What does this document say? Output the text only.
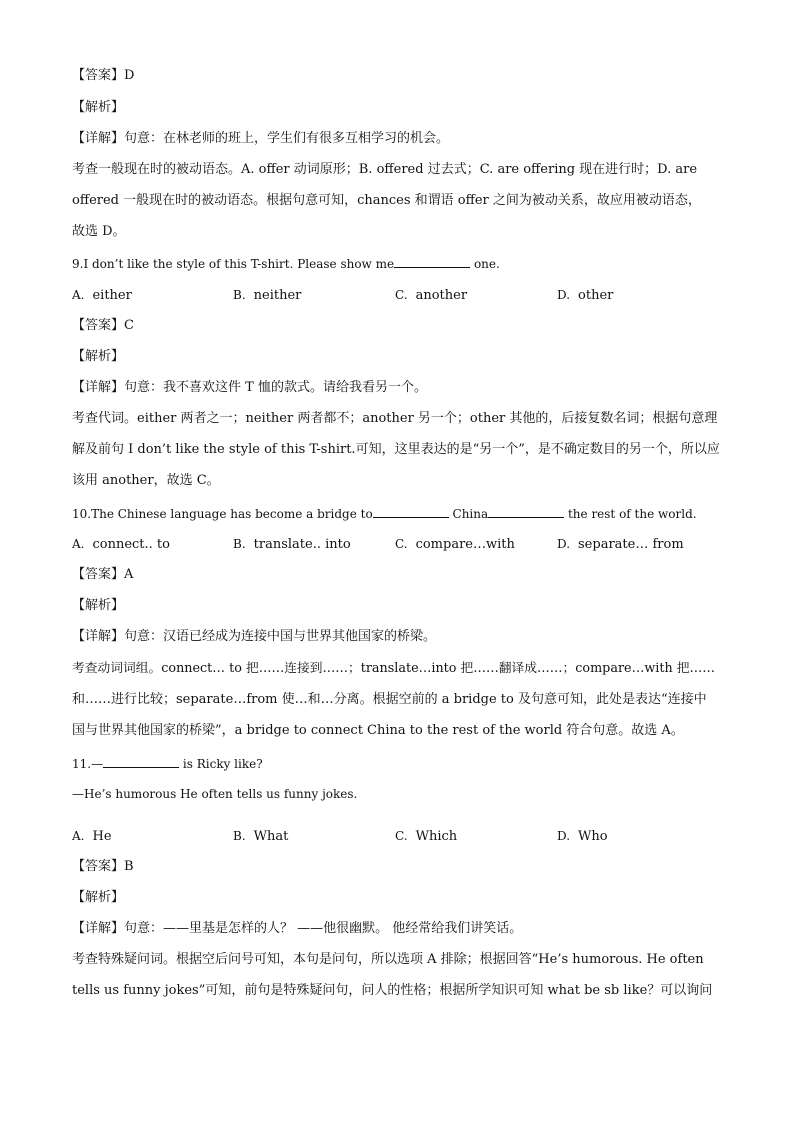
【答案】D
【解析】
【详解】句意：在林老师的班上，学生们有很多互相学习的机会。
考查一般现在时的被动语态。A. offer 动词原形；B. offered 过去式；C. are offering 现在进行时；D. are
offered 一般现在时的被动语态。根据句意可知，chances 和谓语 offer 之间为被动关系，故应用被动语态，
故选 D。
9.I don’t like the style of this T-shirt. Please show me	one.
A. either	B. neither	C. another	D. other
【答案】C
【解析】
【详解】句意：我不喜欢这件 T 恤的款式。请给我看另一个。
考查代词。either 两者之一；neither 两者都不；another 另一个；other 其他的，后接复数名词；根据句意理
解及前句 I don’t like the style of this T-shirt.可知，这里表达的是“另一个”，是不确定数目的另一个，所以应
该用 another，故选 C。
10.The Chinese language has become a bridge to	China	the rest of the world.
A. connect.. to	B. translate.. into	C. compare…with	D. separate… from
【答案】A
【解析】
【详解】句意：汉语已经成为连接中国与世界其他国家的桥梁。
考查动词词组。connect… to 把……连接到……；translate…into 把……翻译成……；compare…with 把……
和……进行比较；separate…from 使…和…分离。根据空前的 a bridge to 及句意可知，此处是表达“连接中
国与世界其他国家的桥梁”，a bridge to connect China to the rest of the world 符合句意。故选 A。
11.—	is Ricky like?
—He’s humorous He often tells us funny jokes.
A. He	B. What	C. Which	D. Who
【答案】B
【解析】
【详解】句意：——里基是怎样的人？ ——他很幽默。 他经常给我们讲笑话。
考查特殊疑问词。根据空后问号可知，本句是问句，所以选项 A 排除；根据回答“He’s humorous. He often
tells us funny jokes”可知，前句是特殊疑问句，问人的性格；根据所学知识可知 what be sb like？可以询问
